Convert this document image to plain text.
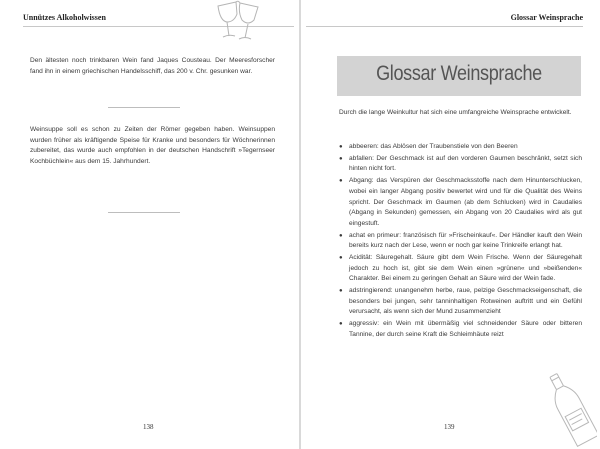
Unnützes Alkoholwissen

Den ältesten noch trinkbaren Wein fand Jaques Cousteau. Der Meeresforscher fand ihn in einem griechischen Handelsschiff, das 200 v. Chr. gesunken war.

Weinsuppe soll es schon zu Zeiten der Römer gegeben haben. Weinsuppen wurden früher als kräftigende Speise für Kranke und besonders für Wöchnerinnen zubereitet, das wurde auch empfohlen in der deutschen Handschrift »Tegernseer Kochbüchlein« aus dem 15. Jahrhundert.

138
Glossar Weinsprache
Glossar Weinsprache

Durch die lange Weinkultur hat sich eine umfangreiche Weinsprache entwickelt.

● abbeeren: das Ablösen der Traubenstiele von den Beeren
● abfallen: Der Geschmack ist auf den vorderen Gaumen beschränkt, setzt sich hinten nicht fort.
● Abgang: das Verspüren der Geschmacksstoffe nach dem Hinunterschlucken, wobei ein langer Abgang positiv bewertet wird und für die Qualität des Weins spricht. Der Geschmack im Gaumen (ab dem Schlucken) wird in Caudalies (Abgang in Sekunden) gemessen, ein Abgang von 20 Caudalies wird als gut eingestuft.
● achat en primeur: französisch für »Frischeinkauf«. Der Händler kauft den Wein bereits kurz nach der Lese, wenn er noch gar keine Trinkreife erlangt hat.
● Acidität: Säuregehalt. Säure gibt dem Wein Frische. Wenn der Säuregehalt jedoch zu hoch ist, gibt sie dem Wein einen »grünen« und »beißenden« Charakter. Bei einem zu geringen Gehalt an Säure wird der Wein fade.
● adstringierend: unangenehm herbe, raue, pelzige Geschmackseigenschaft, die besonders bei jungen, sehr tanninhaltigen Rotweinen auftritt und ein Gefühl verursacht, als wenn sich der Mund zusammenzieht
● aggressiv: ein Wein mit übermäßig viel schneidender Säure oder bitteren Tannine, der durch seine Kraft die Schleimhäute reizt
139
